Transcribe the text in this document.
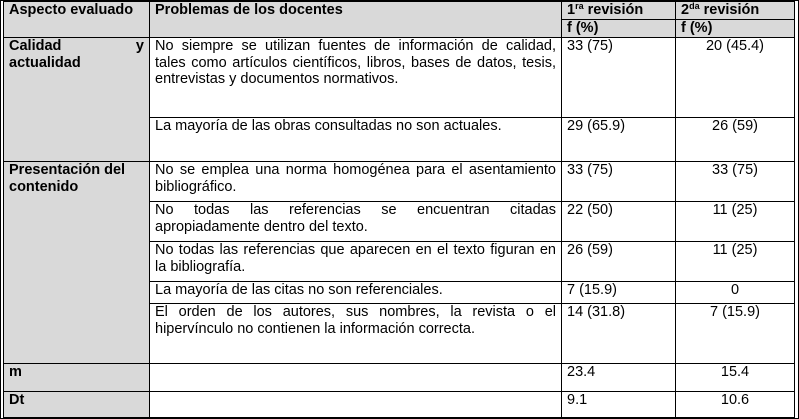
Aspecto evaluado	Problemas de los docentes	$1^{ra}$ revisión	$2^{da}$ revisión
		f (%)	f (%)

Calidad y
actualidad	No siempre se utilizan fuentes de información de calidad, tales como artículos científicos, libros, bases de datos, tesis, entrevistas y documentos normativos.	33 (75)	20 (45.4)
	La mayoría de las obras consultadas no son actuales.	29 (65.9)	26 (59)
Presentación del contenido	No se emplea una norma homogénea para el asentamiento bibliográfico.	33 (75)	33 (75)
	No todas las referencias se encuentran citadas apropiadamente dentro del texto.	22 (50)	11 (25)
	No todas las referencias que aparecen en el texto figuran en la bibliografía.	26 (59)	11 (25)
	La mayoría de las citas no son referenciales.	7 (15.9)	0
	El orden de los autores, sus nombres, la revista o el hipervínculo no contienen la información correcta.	14 (31.8)	7 (15.9)
m		23.4	15.4
Dt		9.1	10.6
